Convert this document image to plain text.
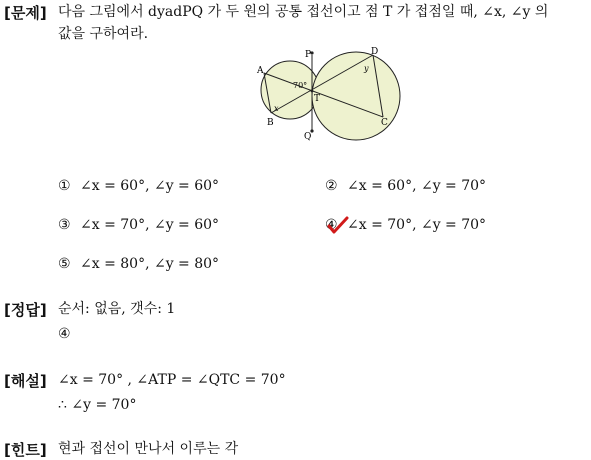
[문제] 다음 그림에서 dyadPQ 가 두 원의 공통 접선이고 점 T 가 접점일 때, ∠x, ∠y 의
값을 구하여라.
P
Q
A
B	C
D
T
70°
x
y
① ∠x = 60°, ∠y = 60°	② ∠x = 60°, ∠y = 70°
③ ∠x = 70°, ∠y = 60°	④ ∠x = 70°, ∠y = 70°
⑤ ∠x = 80°, ∠y = 80°
[정답] 순서: 없음, 갯수: 1
④
[해설] ∠x = 70° , ∠ATP = ∠QTC = 70°
∴ ∠y = 70°
[힌트] 현과 접선이 만나서 이루는 각
